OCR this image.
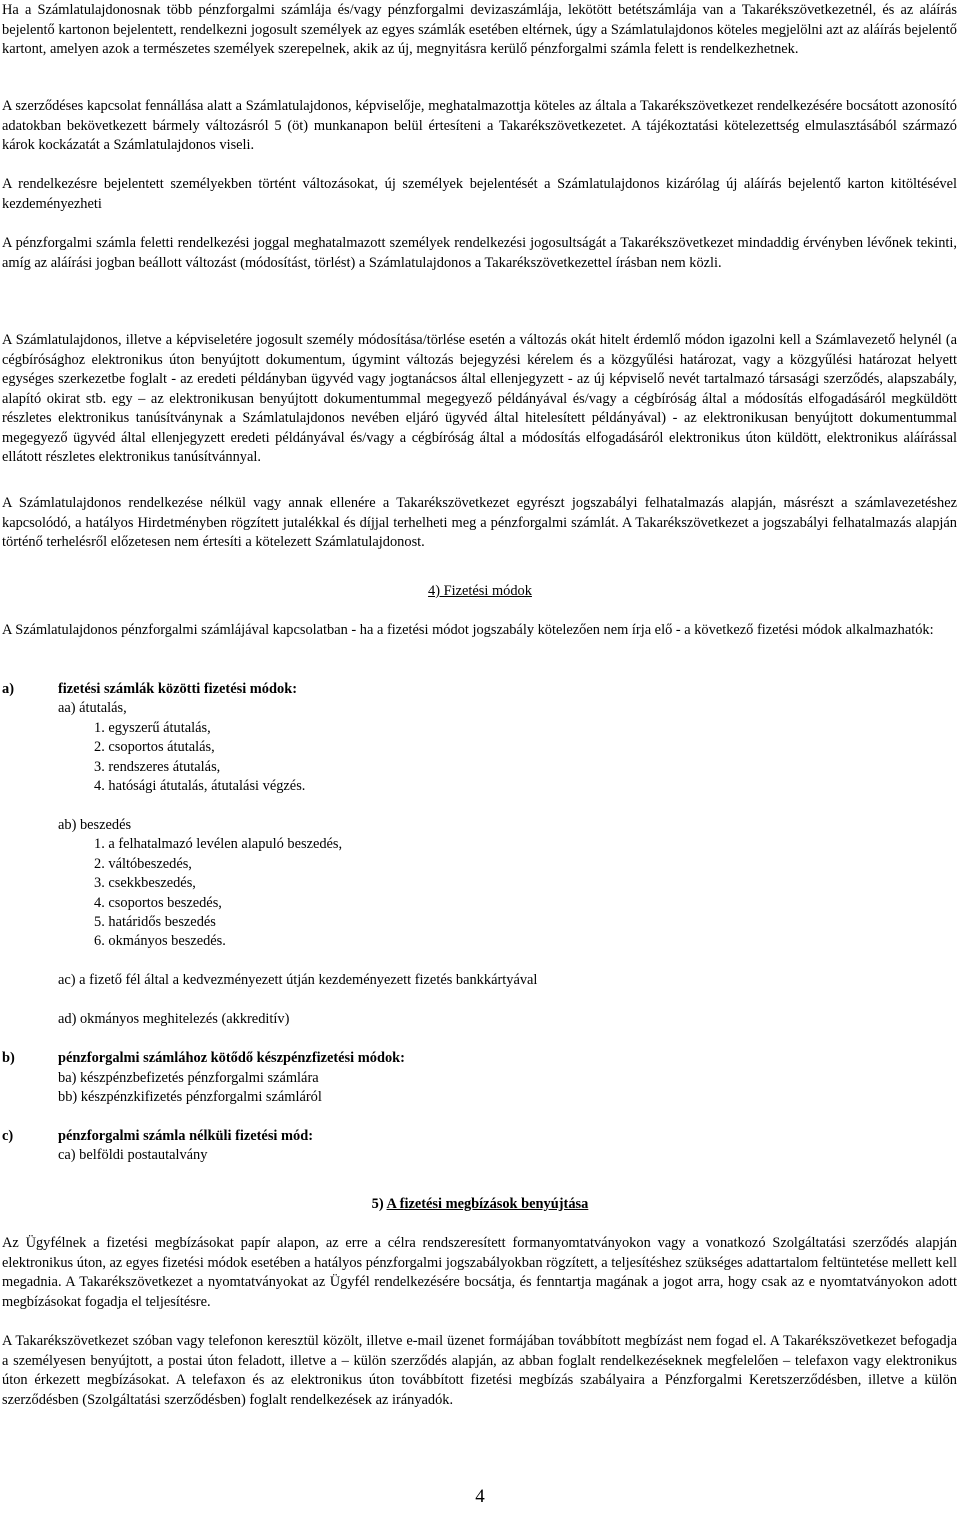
Ha a Számlatulajdonosnak több pénzforgalmi számlája és/vagy pénzforgalmi devizaszámlája, lekötött betétszámlája van a Takarékszövetkezetnél, és az aláírás bejelentő kartonon bejelentett, rendelkezni jogosult személyek az egyes számlák esetében eltérnek, úgy a Számlatulajdonos köteles megjelölni azt az aláírás bejelentő kartont, amelyen azok a természetes személyek szerepelnek, akik az új, megnyitásra kerülő pénzforgalmi számla felett is rendelkezhetnek.

A szerződéses kapcsolat fennállása alatt a Számlatulajdonos, képviselője, meghatalmazottja köteles az általa a Takarékszövetkezet rendelkezésére bocsátott azonosító adatokban bekövetkezett bármely változásról 5 (öt) munkanapon belül értesíteni a Takarékszövetkezetet. A tájékoztatási kötelezettség elmulasztásából származó károk kockázatát a Számlatulajdonos viseli.

A rendelkezésre bejelentett személyekben történt változásokat, új személyek bejelentését a Számlatulajdonos kizárólag új aláírás bejelentő karton kitöltésével kezdeményezheti

A pénzforgalmi számla feletti rendelkezési joggal meghatalmazott személyek rendelkezési jogosultságát a Takarékszövetkezet mindaddig érvényben lévőnek tekinti, amíg az aláírási jogban beállott változást (módosítást, törlést) a Számlatulajdonos a Takarékszövetkezettel írásban nem közli.

A Számlatulajdonos, illetve a képviseletére jogosult személy módosítása/törlése esetén a változás okát hitelt érdemlő módon igazolni kell a Számlavezető helynél (a cégbírósághoz elektronikus úton benyújtott dokumentum, úgymint változás bejegyzési kérelem és a közgyűlési határozat, vagy a közgyűlési határozat helyett egységes szerkezetbe foglalt - az eredeti példányban ügyvéd vagy jogtanácsos által ellenjegyzett - az új képviselő nevét tartalmazó társasági szerződés, alapszabály, alapító okirat stb. egy – az elektronikusan benyújtott dokumentummal megegyező példányával és/vagy a cégbíróság által a módosítás elfogadásáról megküldött részletes elektronikus tanúsítványnak a Számlatulajdonos nevében eljáró ügyvéd által hitelesített példányával) - az elektronikusan benyújtott dokumentummal megegyező ügyvéd által ellenjegyzett eredeti példányával és/vagy a cégbíróság által a módosítás elfogadásáról elektronikus úton küldött, elektronikus aláírással ellátott részletes elektronikus tanúsítvánnyal.

A Számlatulajdonos rendelkezése nélkül vagy annak ellenére a Takarékszövetkezet egyrészt jogszabályi felhatalmazás alapján, másrészt a számlavezetéshez kapcsolódó, a hatályos Hirdetményben rögzített jutalékkal és díjjal terhelheti meg a pénzforgalmi számlát. A Takarékszövetkezet a jogszabályi felhatalmazás alapján történő terhelésről előzetesen nem értesíti a kötelezett Számlatulajdonost.

4) Fizetési módok

A Számlatulajdonos pénzforgalmi számlájával kapcsolatban - ha a fizetési módot jogszabály kötelezően nem írja elő - a következő fizetési módok alkalmazhatók:

a)	fizetési számlák közötti fizetési módok:
aa) átutalás,
1. egyszerű átutalás,
2. csoportos átutalás,
3. rendszeres átutalás,
4. hatósági átutalás, átutalási végzés.
ab) beszedés
1. a felhatalmazó levélen alapuló beszedés,
2. váltóbeszedés,
3. csekkbeszedés,
4. csoportos beszedés,
5. határidős beszedés
6. okmányos beszedés.
ac) a fizető fél által a kedvezményezett útján kezdeményezett fizetés bankkártyával
ad) okmányos meghitelezés (akkreditív)
b)	pénzforgalmi számlához kötődő készpénzfizetési módok:
ba) készpénzbefizetés pénzforgalmi számlára
bb) készpénzkifizetés pénzforgalmi számláról
c)	pénzforgalmi számla nélküli fizetési mód:
ca) belföldi postautalvány
5) A fizetési megbízások benyújtása

Az Ügyfélnek a fizetési megbízásokat papír alapon, az erre a célra rendszeresített formanyomtatványokon vagy a vonatkozó Szolgáltatási szerződés alapján elektronikus úton, az egyes fizetési módok esetében a hatályos pénzforgalmi jogszabályokban rögzített, a teljesítéshez szükséges adattartalom feltüntetése mellett kell megadnia. A Takarékszövetkezet a nyomtatványokat az Ügyfél rendelkezésére bocsátja, és fenntartja magának a jogot arra, hogy csak az e nyomtatványokon adott megbízásokat fogadja el teljesítésre.

A Takarékszövetkezet szóban vagy telefonon keresztül közölt, illetve e-mail üzenet formájában továbbított megbízást nem fogad el. A Takarékszövetkezet befogadja a személyesen benyújtott, a postai úton feladott, illetve a – külön szerződés alapján, az abban foglalt rendelkezéseknek megfelelően – telefaxon vagy elektronikus úton érkezett megbízásokat. A telefaxon és az elektronikus úton továbbított fizetési megbízás szabályaira a Pénzforgalmi Keretszerződésben, illetve a külön szerződésben (Szolgáltatási szerződésben) foglalt rendelkezések az irányadók.

4
